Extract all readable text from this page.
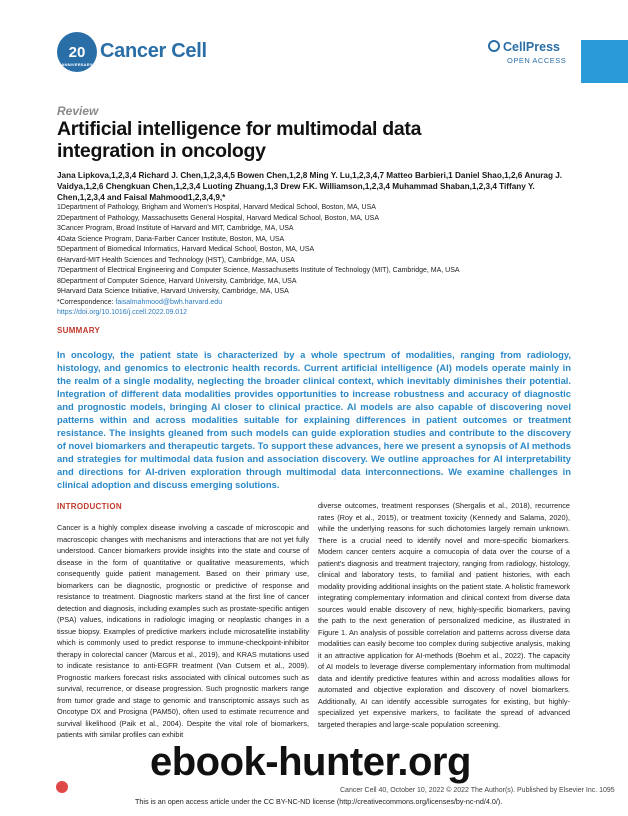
20
ANNIVERSARY
Cancer Cell	CellPress
OPEN ACCESS
Review
Artificial intelligence for multimodal data integration in oncology
Jana Lipkova,1,2,3,4 Richard J. Chen,1,2,3,4,5 Bowen Chen,1,2,8 Ming Y. Lu,1,2,3,4,7 Matteo Barbieri,1 Daniel Shao,1,2,6 Anurag J. Vaidya,1,2,6 Chengkuan Chen,1,2,3,4 Luoting Zhuang,1,3 Drew F.K. Williamson,1,2,3,4 Muhammad Shaban,1,2,3,4 Tiffany Y. Chen,1,2,3,4 and Faisal Mahmood1,2,3,4,9,*
1Department of Pathology, Brigham and Women's Hospital, Harvard Medical School, Boston, MA, USA
2Department of Pathology, Massachusetts General Hospital, Harvard Medical School, Boston, MA, USA
3Cancer Program, Broad Institute of Harvard and MIT, Cambridge, MA, USA
4Data Science Program, Dana-Farber Cancer Institute, Boston, MA, USA
5Department of Biomedical Informatics, Harvard Medical School, Boston, MA, USA
6Harvard-MIT Health Sciences and Technology (HST), Cambridge, MA, USA
7Department of Electrical Engineering and Computer Science, Massachusetts Institute of Technology (MIT), Cambridge, MA, USA
8Department of Computer Science, Harvard University, Cambridge, MA, USA
9Harvard Data Science Initiative, Harvard University, Cambridge, MA, USA
*Correspondence: faisalmahmood@bwh.harvard.edu
https://doi.org/10.1016/j.ccell.2022.09.012
SUMMARY
In oncology, the patient state is characterized by a whole spectrum of modalities, ranging from radiology, histology, and genomics to electronic health records. Current artificial intelligence (AI) models operate mainly in the realm of a single modality, neglecting the broader clinical context, which inevitably diminishes their potential. Integration of different data modalities provides opportunities to increase robustness and accuracy of diagnostic and prognostic models, bringing AI closer to clinical practice. AI models are also capable of discovering novel patterns within and across modalities suitable for explaining differences in patient outcomes or treatment resistance. The insights gleaned from such models can guide exploration studies and contribute to the discovery of novel biomarkers and therapeutic targets. To support these advances, here we present a synopsis of AI methods and strategies for multimodal data fusion and association discovery. We outline approaches for AI interpretability and directions for AI-driven exploration through multimodal data interconnections. We examine challenges in clinical adoption and discuss emerging solutions.
INTRODUCTION
Cancer is a highly complex disease involving a cascade of microscopic and macroscopic changes with mechanisms and interactions that are not yet fully understood. Cancer biomarkers provide insights into the state and course of disease in the form of quantitative or qualitative measurements, which consequently guide patient management. Based on their primary use, biomarkers can be diagnostic, prognostic or predictive of response and resistance to treatment. Diagnostic markers stand at the first line of cancer detection and diagnosis, including examples such as prostate-specific antigen (PSA) values, indications in radiologic imaging or neoplastic changes in a tissue biopsy. Examples of predictive markers include microsatellite instability which is commonly used to predict response to immune-checkpoint-inhibitor therapy in colorectal cancer (Marcus et al., 2019), and KRAS mutations used to indicate resistance to anti-EGFR treatment (Van Cutsem et al., 2009). Prognostic markers forecast risks associated with clinical outcomes such as survival, recurrence, or disease progression. Such prognostic markers range from tumor grade and stage to genomic and transcriptomic assays such as Oncotype DX and Prosigna (PAM50), often used to estimate recurrence and survival likelihood (Paik et al., 2004). Despite the vital role of biomarkers, patients with similar profiles can exhibit
diverse outcomes, treatment responses (Shergalis et al., 2018), recurrence rates (Roy et al., 2015), or treatment toxicity (Kennedy and Salama, 2020), while the underlying reasons for such dichotomies largely remain unknown. There is a crucial need to identify novel and more-specific biomarkers. Modern cancer centers acquire a cornucopia of data over the course of a patient's diagnosis and treatment trajectory, ranging from radiology, histology, clinical and laboratory tests, to familial and patient histories, with each modality providing additional insights on the patient state. A holistic framework integrating complementary information and clinical context from diverse data sources would enable discovery of new, highly-specific biomarkers, paving the path to the next generation of personalized medicine, as illustrated in Figure 1. An analysis of possible correlation and patterns across diverse data modalities can easily become too complex during subjective analysis, making it an attractive application for AI-methods (Boehm et al., 2022). The capacity of AI models to leverage diverse complementary information from multimodal data and identify predictive features within and across modalities allows for automated and objective exploration and discovery of novel biomarkers. Additionally, AI can identify accessible surrogates for existing, but highly-specialized yet expensive markers, to facilitate the spread of advanced targeted therapies and large-scale population screening.
Cancer Cell 40, October 10, 2022 © 2022 The Author(s). Published by Elsevier Inc. 1095
This is an open access article under the CC BY-NC-ND license (http://creativecommons.org/licenses/by-nc-nd/4.0/).
ebook-hunter.org
